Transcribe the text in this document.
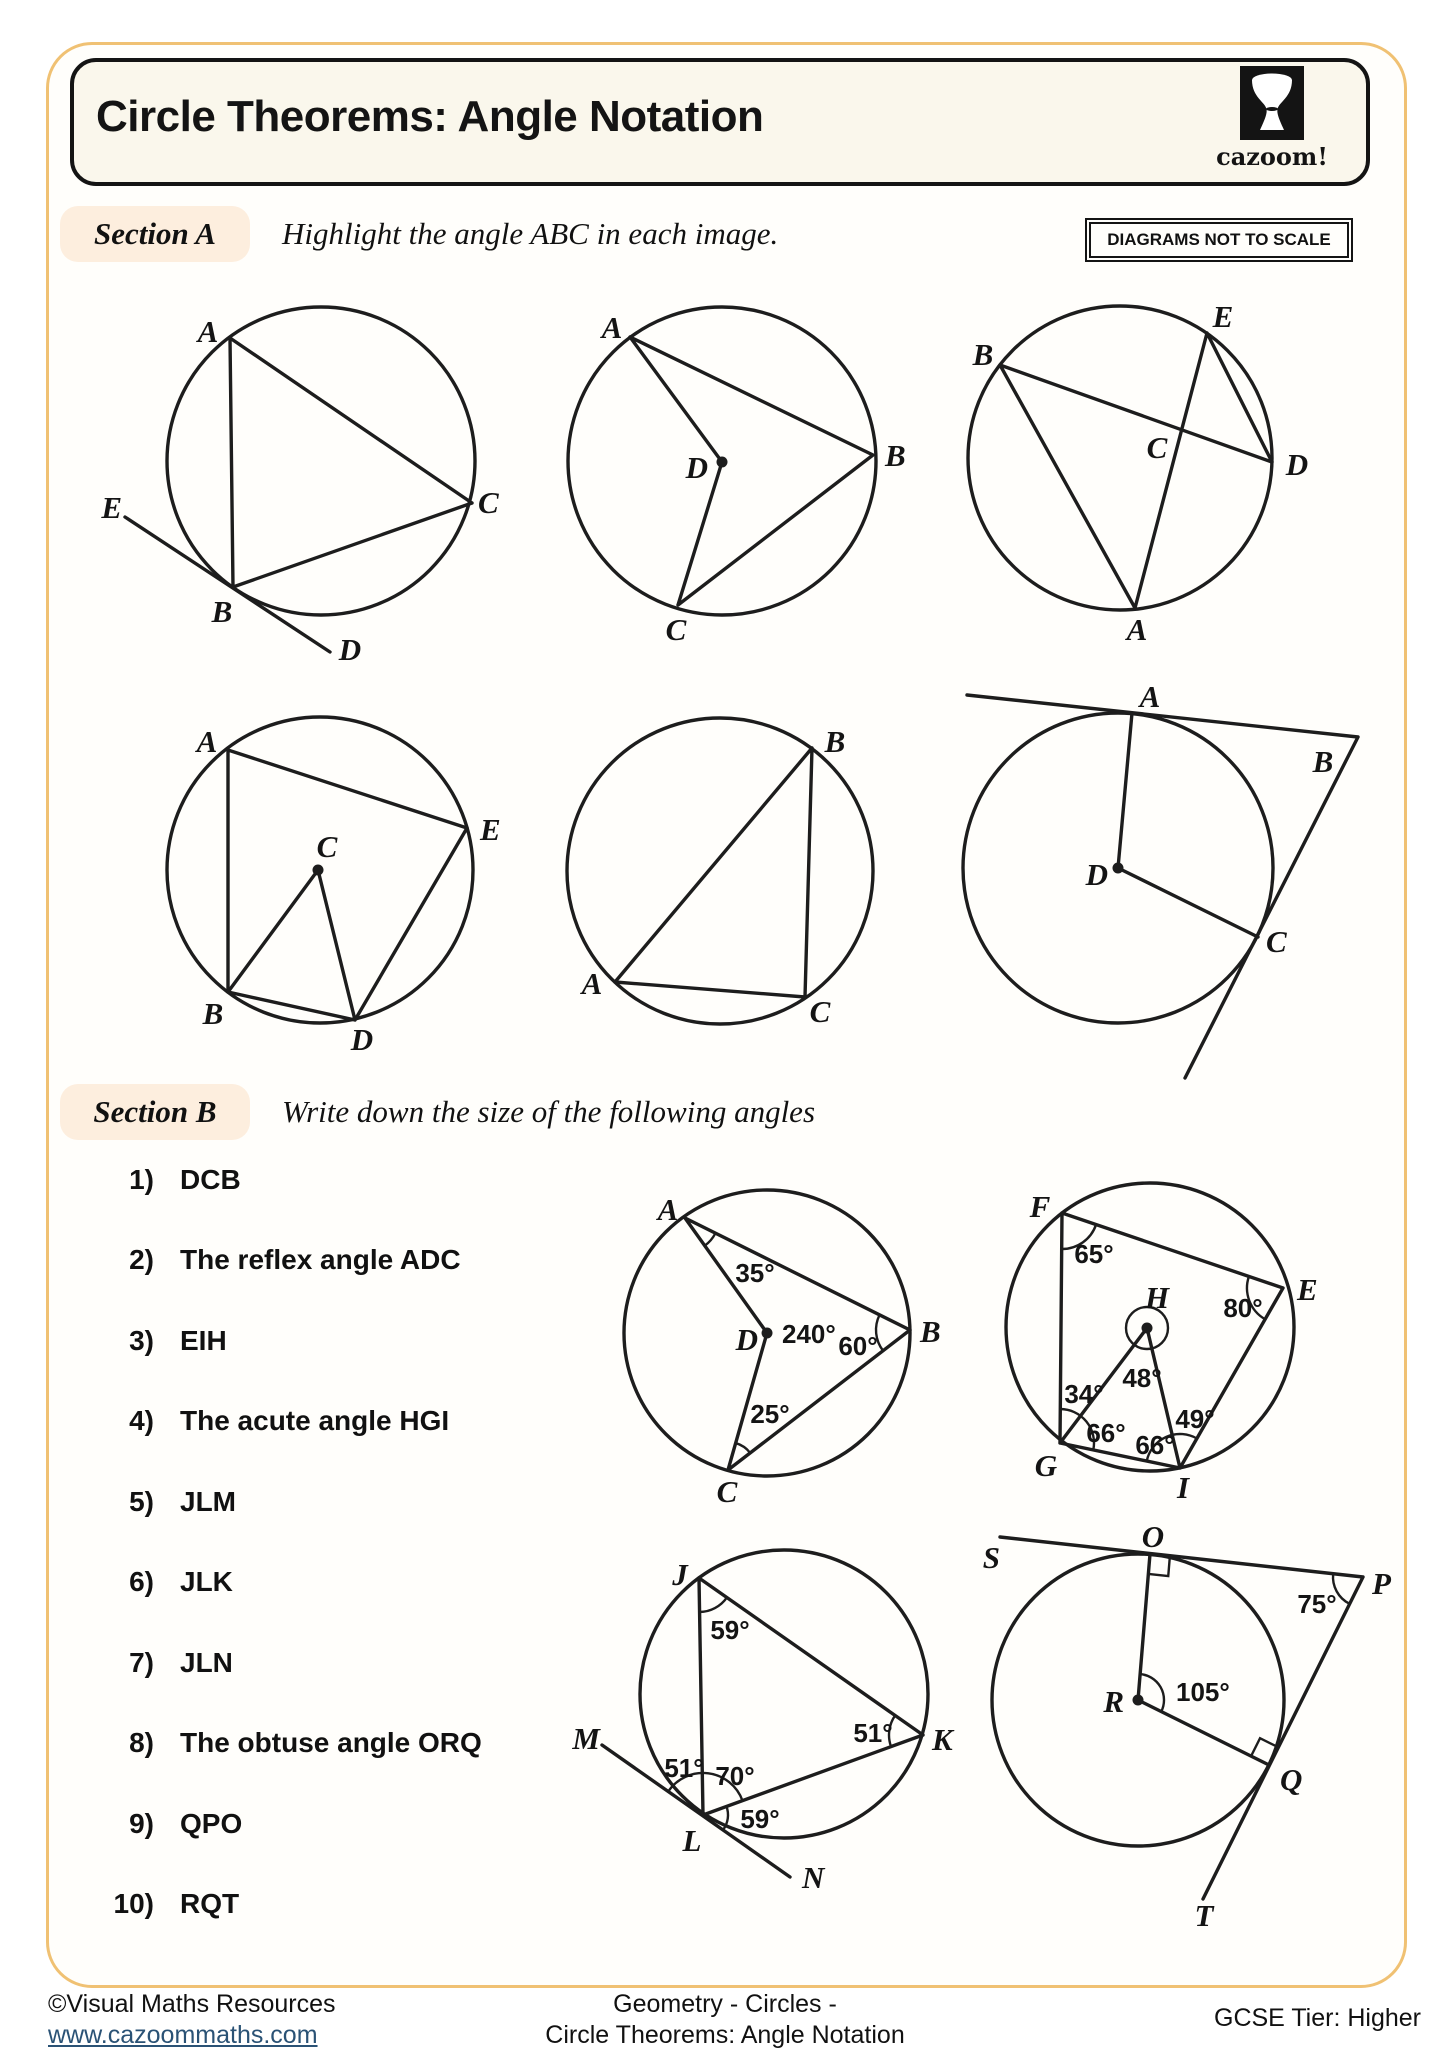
Circle Theorems: Angle Notation
cazoom!
Section A	Highlight the angle ABC in each image.	DIAGRAMS NOT TO SCALE
Section B	Write down the size of the following angles
1) DCB
2) The reflex angle ADC
3) EIH
4) The acute angle HGI
5) JLM
6) JLK
7) JLN
8) The obtuse angle ORQ
9) QPO
10) RQT
A
E
B
D
C
A
B
C
D
B
E
D
A
C
A
E
C
B
D
B
A
C
A
B
D
C
A
B
D
C
35°
240° 60°
25°
F
E
H
G
I
65°
80°
48°
34°
66° 66°
49°
J
K
L
M
N
59°
51°
51° 70°
59°
S
O
P
R
Q
T
105°
75°
©Visual Maths Resources
www.cazoommaths.com
Geometry - Circles -
Circle Theorems: Angle Notation
GCSE Tier: Higher
